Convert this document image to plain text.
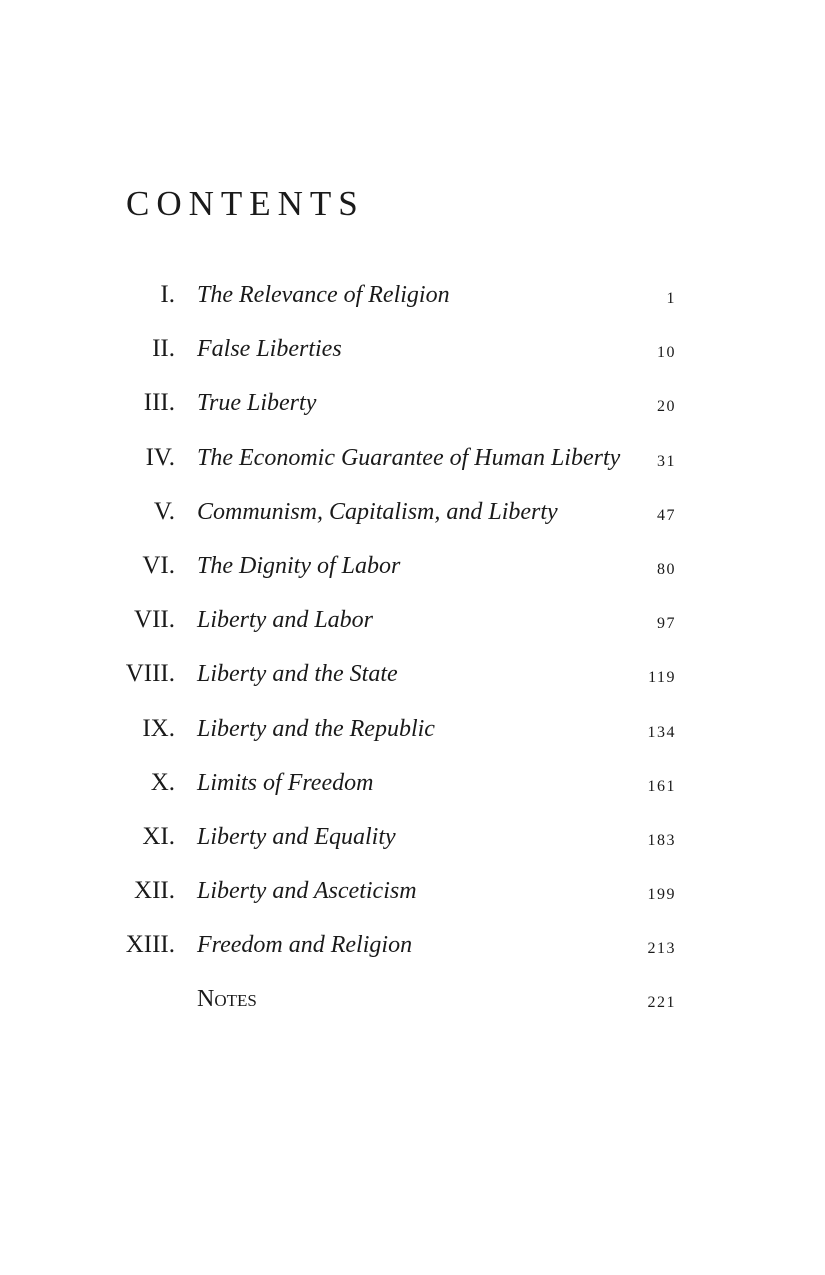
CONTENTS
I. The Relevance of Religion	1
II. False Liberties	10
III. True Liberty	20
IV. The Economic Guarantee of Human Liberty 31
V. Communism, Capitalism, and Liberty	47
VI. The Dignity of Labor	80
VII. Liberty and Labor	97
VIII. Liberty and the State	119
IX. Liberty and the Republic	134
X. Limits of Freedom	161
XI. Liberty and Equality	183
XII. Liberty and Asceticism	199
XIII. Freedom and Religion	213
Notes	221
